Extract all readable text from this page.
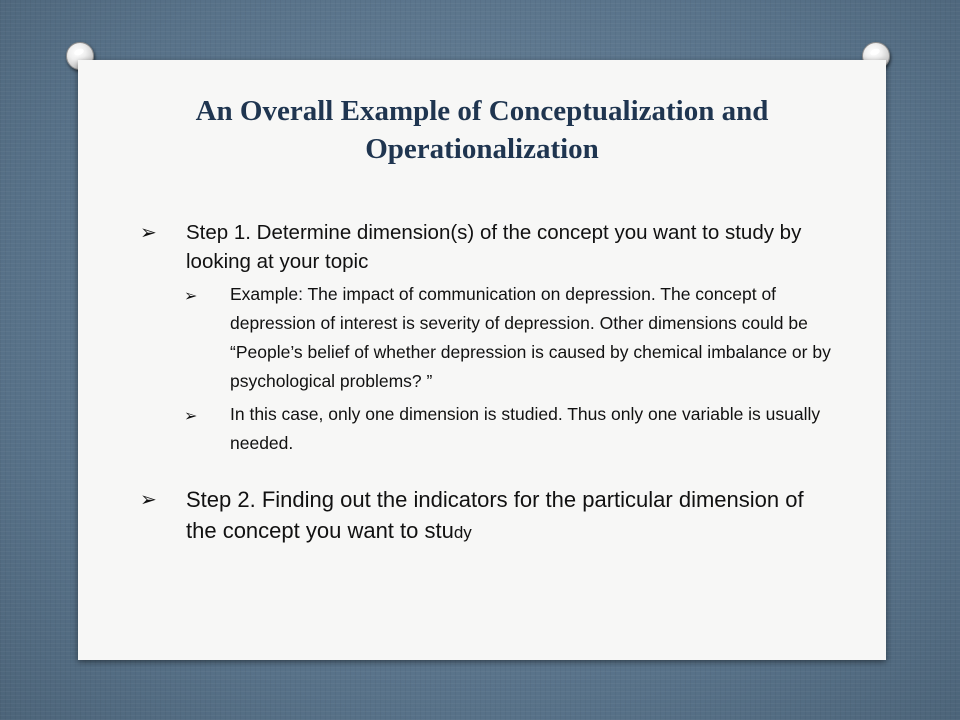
An Overall Example of Conceptualization and Operationalization
➢ Step 1. Determine dimension(s) of the concept you want to study by looking at your topic
➢ Example: The impact of communication on depression. The concept of depression of interest is severity of depression. Other dimensions could be “People’s belief of whether depression is caused by chemical imbalance or by psychological problems? ”
➢ In this case, only one dimension is studied. Thus only one variable is usually needed.
➢ Step 2. Finding out the indicators for the particular dimension of the concept you want to study
